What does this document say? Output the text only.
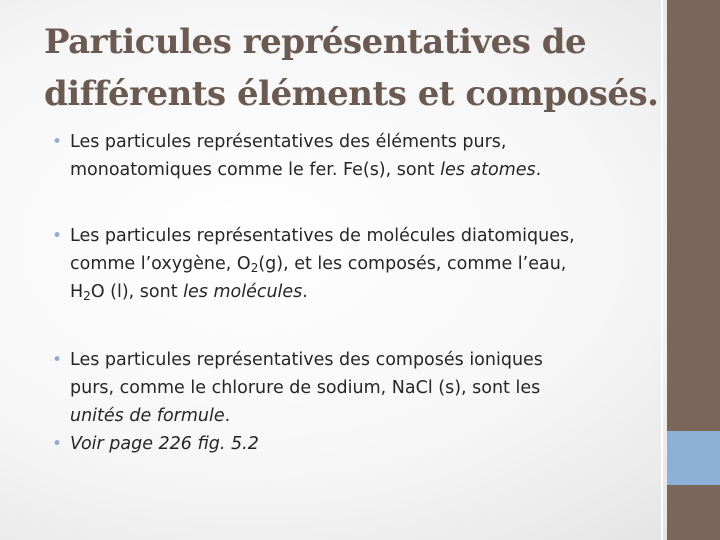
Particules représentatives de
différents éléments et composés.

• Les particules représentatives des éléments purs,
monoatomiques comme le fer. Fe(s), sont les atomes.

• Les particules représentatives de molécules diatomiques,
comme l’oxygène, $O_2(g)$, et les composés, comme l’eau,
$H_2O$ (l), sont les molécules.

• Les particules représentatives des composés ioniques
purs, comme le chlorure de sodium, NaCl (s), sont les
unités de formule.

• Voir page 226 fig. 5.2
